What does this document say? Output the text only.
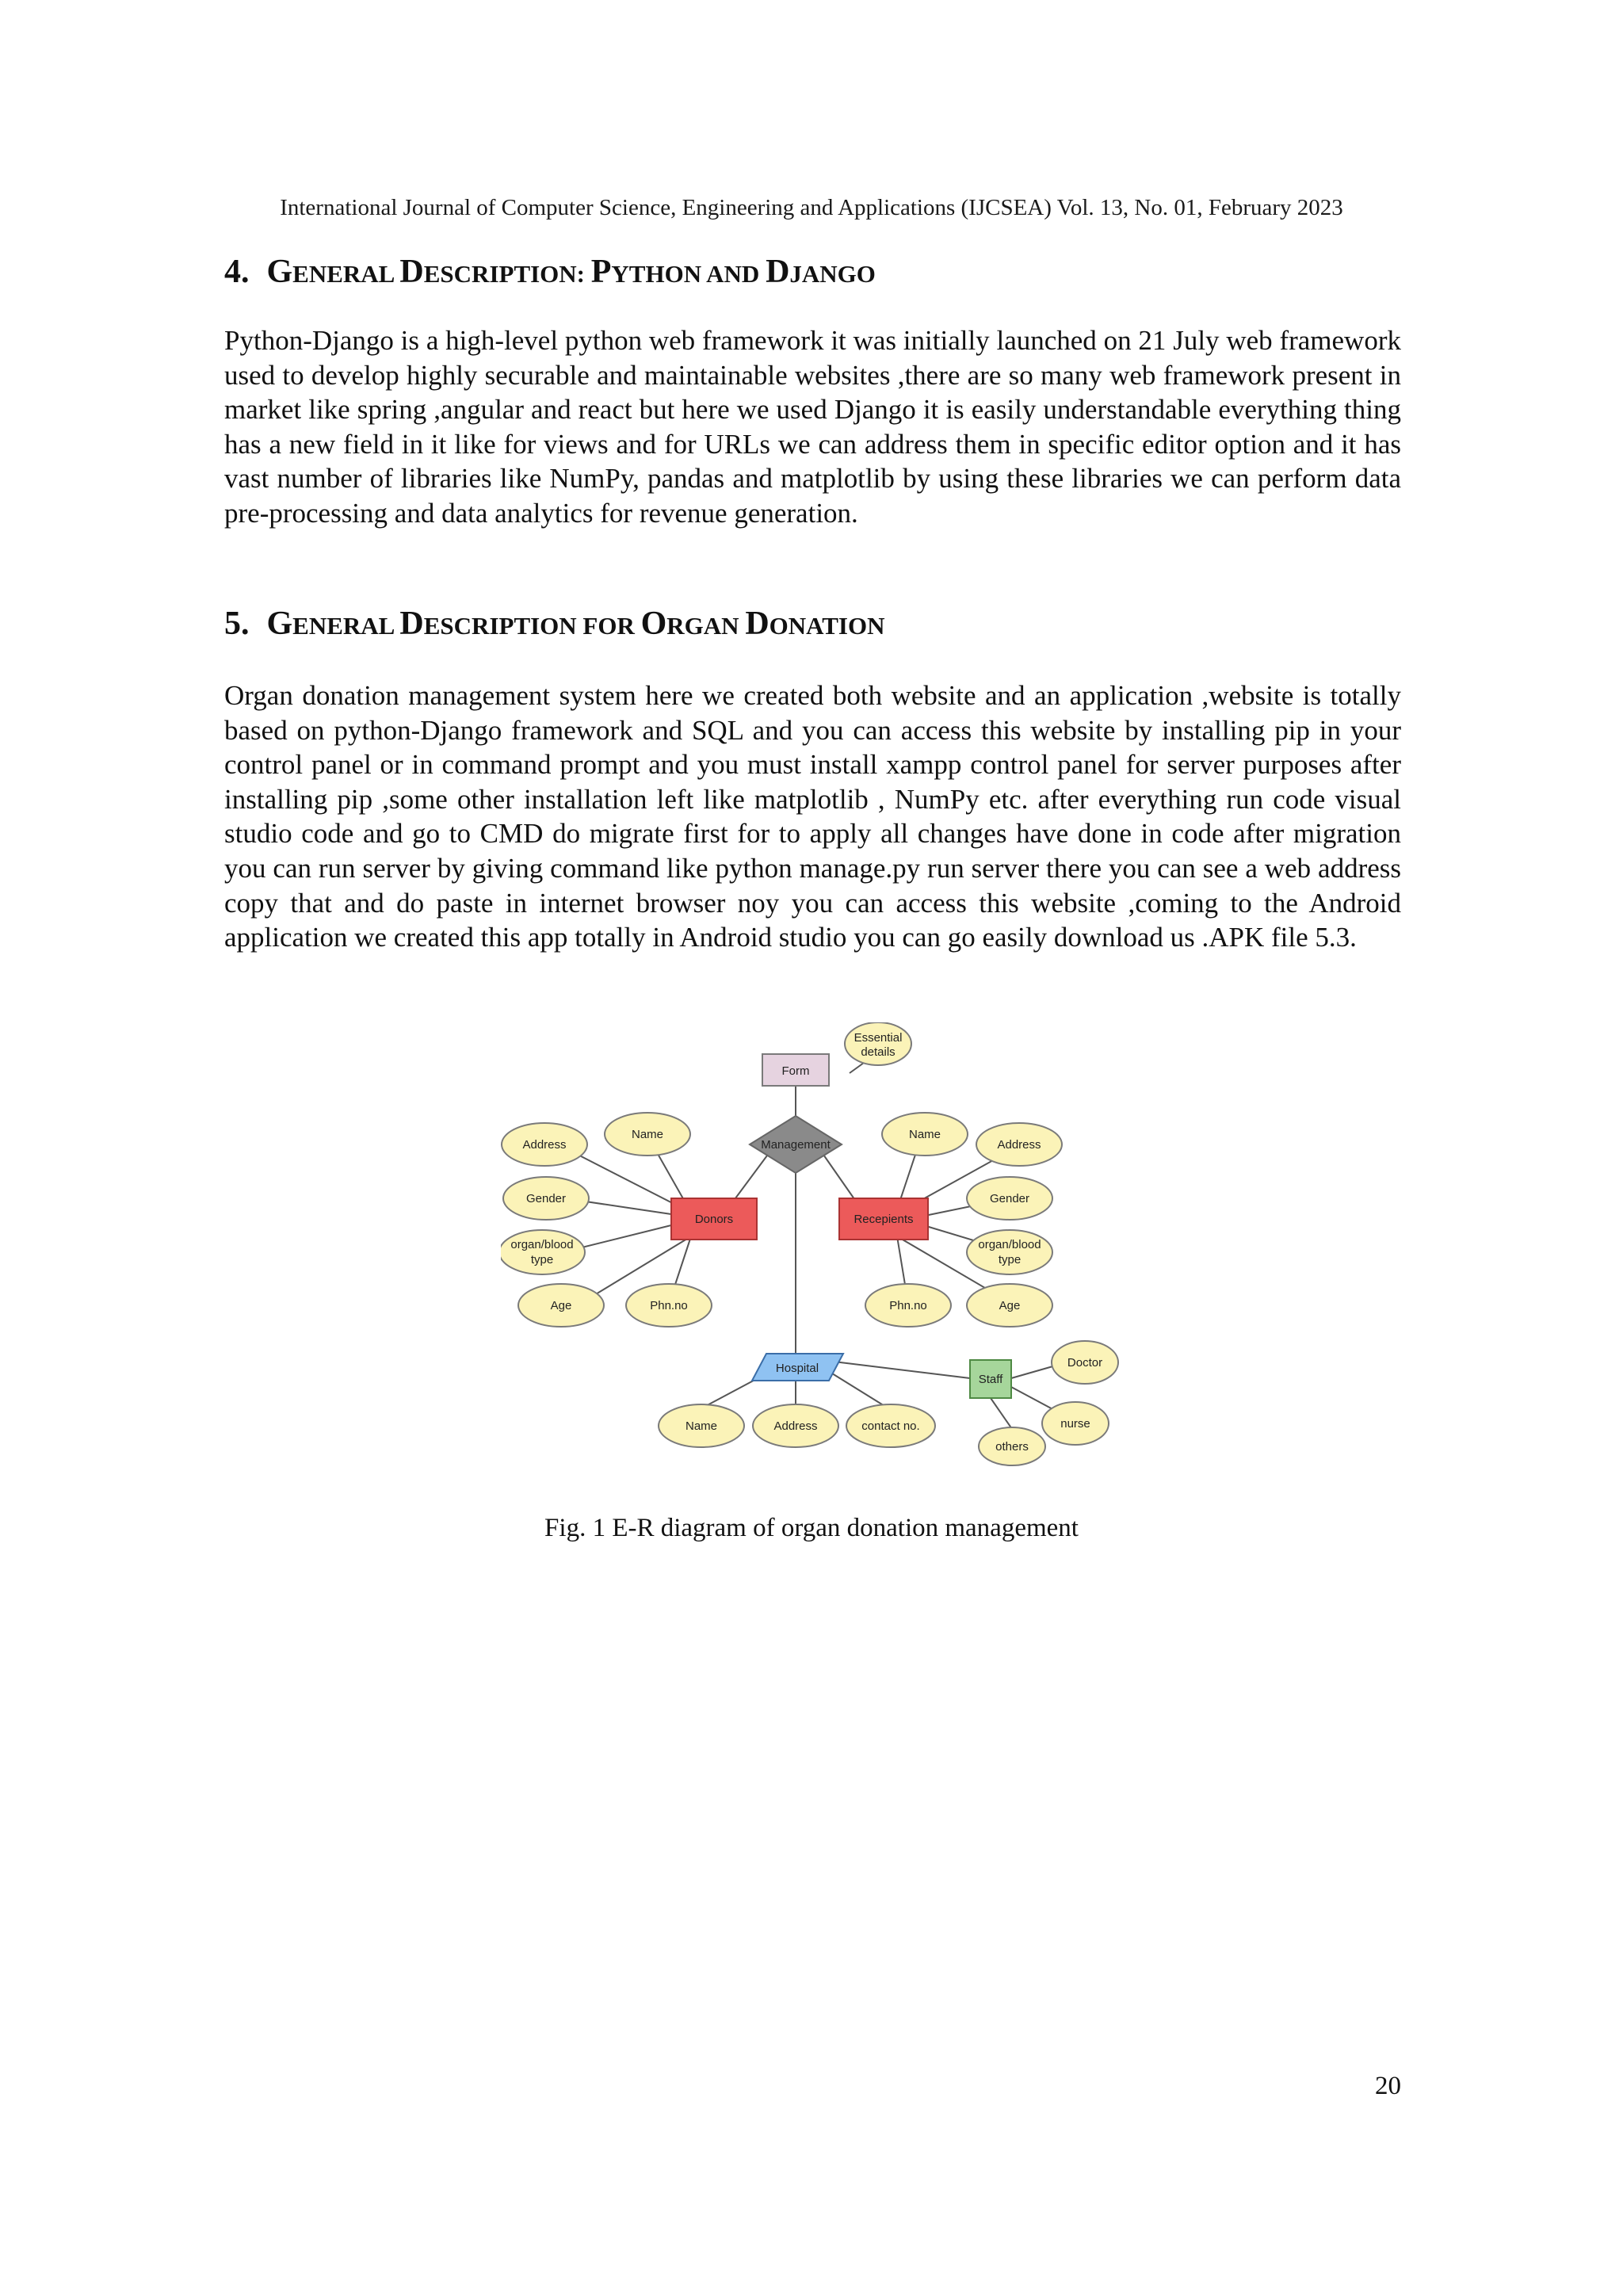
International Journal of Computer Science, Engineering and Applications (IJCSEA) Vol. 13, No. 01, February 2023
4. GENERAL DESCRIPTION: PYTHON AND DJANGO

Python-Django is a high-level python web framework it was initially launched on 21 July web framework used to develop highly securable and maintainable websites ,there are so many web framework present in market like spring ,angular and react but here we used Django it is easily understandable everything thing has a new field in it like for views and for URLs we can address them in specific editor option and it has vast number of libraries like NumPy, pandas and matplotlib by using these libraries we can perform data pre-processing and data analytics for revenue generation.

5. GENERAL DESCRIPTION FOR ORGAN DONATION

Organ donation management system here we created both website and an application ,website is totally based on python-Django framework and SQL and you can access this website by installing pip in your control panel or in command prompt and you must install xampp control panel for server purposes after installing pip ,some other installation left like matplotlib , NumPy etc. after everything run code visual studio code and go to CMD do migrate first for to apply all changes have done in code after migration you can run server by giving command like python manage.py run server there you can see a web address copy that and do paste in internet browser noy you can access this website ,coming to the Android application we created this app totally in Android studio you can go easily download us .APK file 5.3.

Form
Essential
details
Management
Donors	Recepients
Address
Name
Gender
organ/blood
type
Age	Phn.no
Name
Address
Gender
organ/blood
type
Phn.no	Age
Hospital
Name	Address	contact no.
Staff
Doctor
nurse
others
Fig. 1 E-R diagram of organ donation management
20
